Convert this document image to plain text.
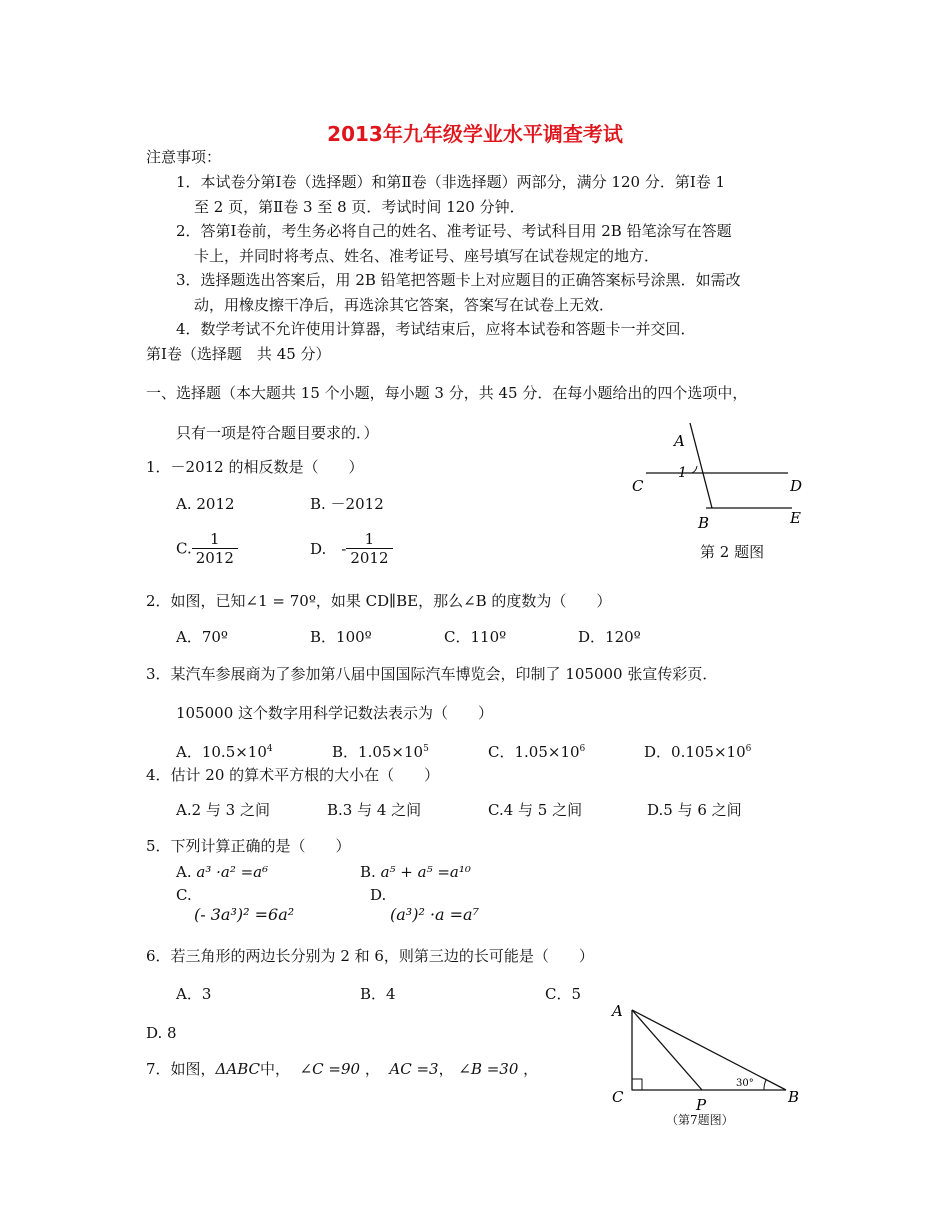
2013年九年级学业水平调查考试
注意事项：
1．本试卷分第Ⅰ卷（选择题）和第Ⅱ卷（非选择题）两部分，满分 120 分．第Ⅰ卷 1
至 2 页，第Ⅱ卷 3 至 8 页．考试时间 120 分钟．
2．答第Ⅰ卷前，考生务必将自己的姓名、准考证号、考试科目用 2B 铅笔涂写在答题
卡上，并同时将考点、姓名、准考证号、座号填写在试卷规定的地方．
3．选择题选出答案后，用 2B 铅笔把答题卡上对应题目的正确答案标号涂黑．如需改
动，用橡皮擦干净后，再选涂其它答案，答案写在试卷上无效．
4．数学考试不允许使用计算器，考试结束后，应将本试卷和答题卡一并交回．
第Ⅰ卷（选择题　共 45 分）
一、选择题（本大题共 15 个小题，每小题 3 分，共 45 分．在每小题给出的四个选项中，
只有一项是符合题目要求的．）
1．－2012 的相反数是（　　）
A. 2012	B. －2012
C. $\frac{1}{2012}$	D.　- $\frac{1}{2012}$
A
1
C	D
B	E
第 2 题图
2．如图，已知∠1 = 70º，如果 CD∥BE，那么∠B 的度数为（　　）
A．70º	B．100º	C．110º	D．120º
3．某汽车参展商为了参加第八届中国国际汽车博览会，印制了 105000 张宣传彩页．
105000 这个数字用科学记数法表示为（　　）
A．$10.5\times 10^4$	B．$1.05\times 10^5$	C．$1.05\times 10^6$	D．$0.105\times 10^6$
4．估计 20 的算术平方根的大小在（　　）
A.2 与 3 之间	B.3 与 4 之间	C.4 与 5 之间	D.5 与 6 之间
5．下列计算正确的是（　　）
A. a³ ·a² =a⁶	B. a⁵ + a⁵ =a¹⁰
C.
(- 3a³)² =6a²
D.
(a³)² ·a =a⁷
6．若三角形的两边长分别为 2 和 6，则第三边的长可能是（　　）
A．3	B．4	C．5
D. 8
7．如图，ΔABC中， ∠C =90 ， AC =3， ∠B =30 ，
A
C	P	B
30°
（第7题图）
